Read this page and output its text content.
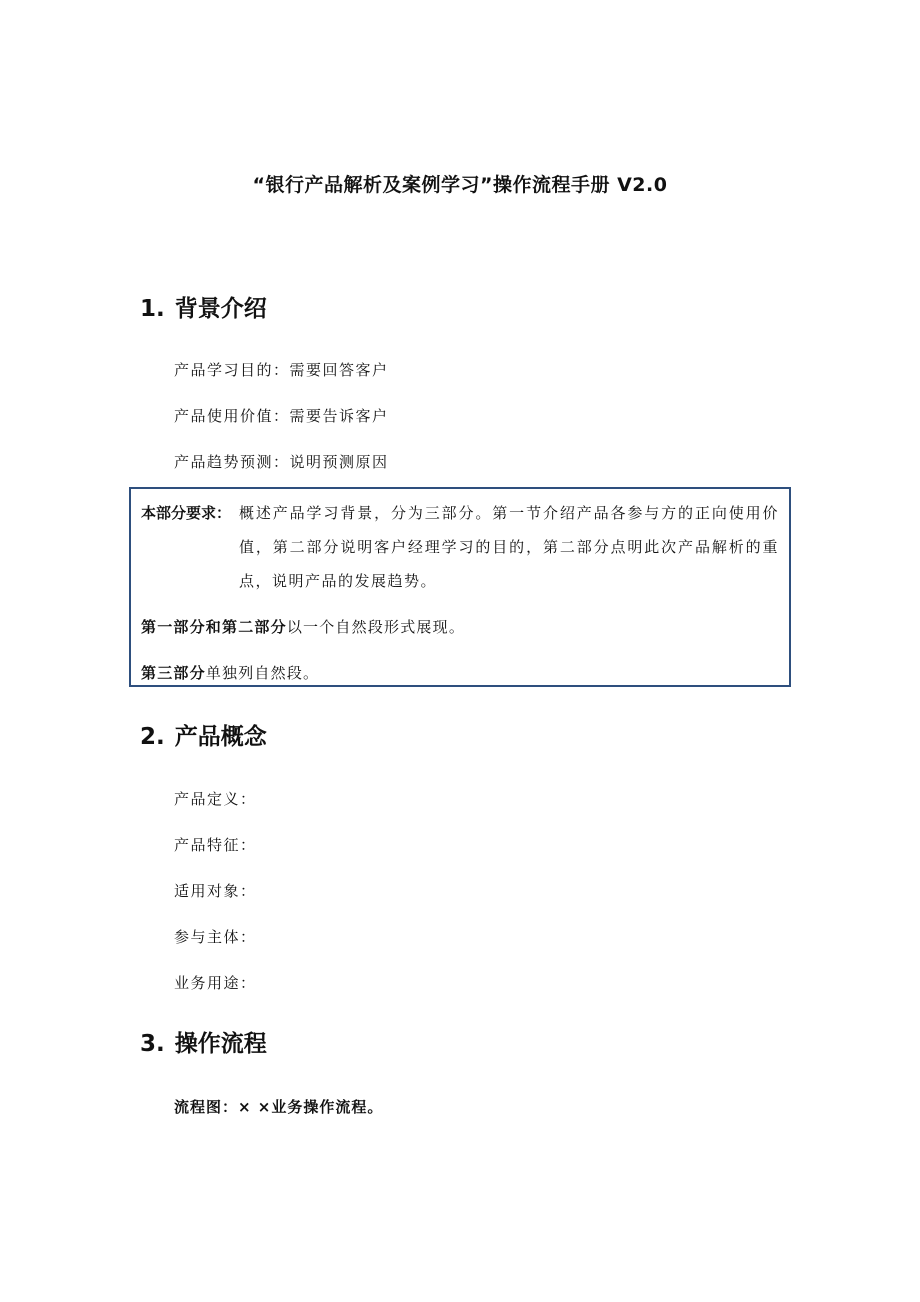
“银行产品解析及案例学习”操作流程手册 V2.0
1. 背景介绍
产品学习目的：需要回答客户
产品使用价值：需要告诉客户
产品趋势预测：说明预测原因
本部分要求： 概述产品学习背景，分为三部分。第一节介绍产品各参与方的正向使用价值，第二部分说明客户经理学习的目的，第二部分点明此次产品解析的重点，说明产品的发展趋势。
第一部分和第二部分以一个自然段形式展现。
第三部分单独列自然段。
2. 产品概念
产品定义：
产品特征：
适用对象：
参与主体：
业务用途：
3. 操作流程
流程图：× ×业务操作流程。
